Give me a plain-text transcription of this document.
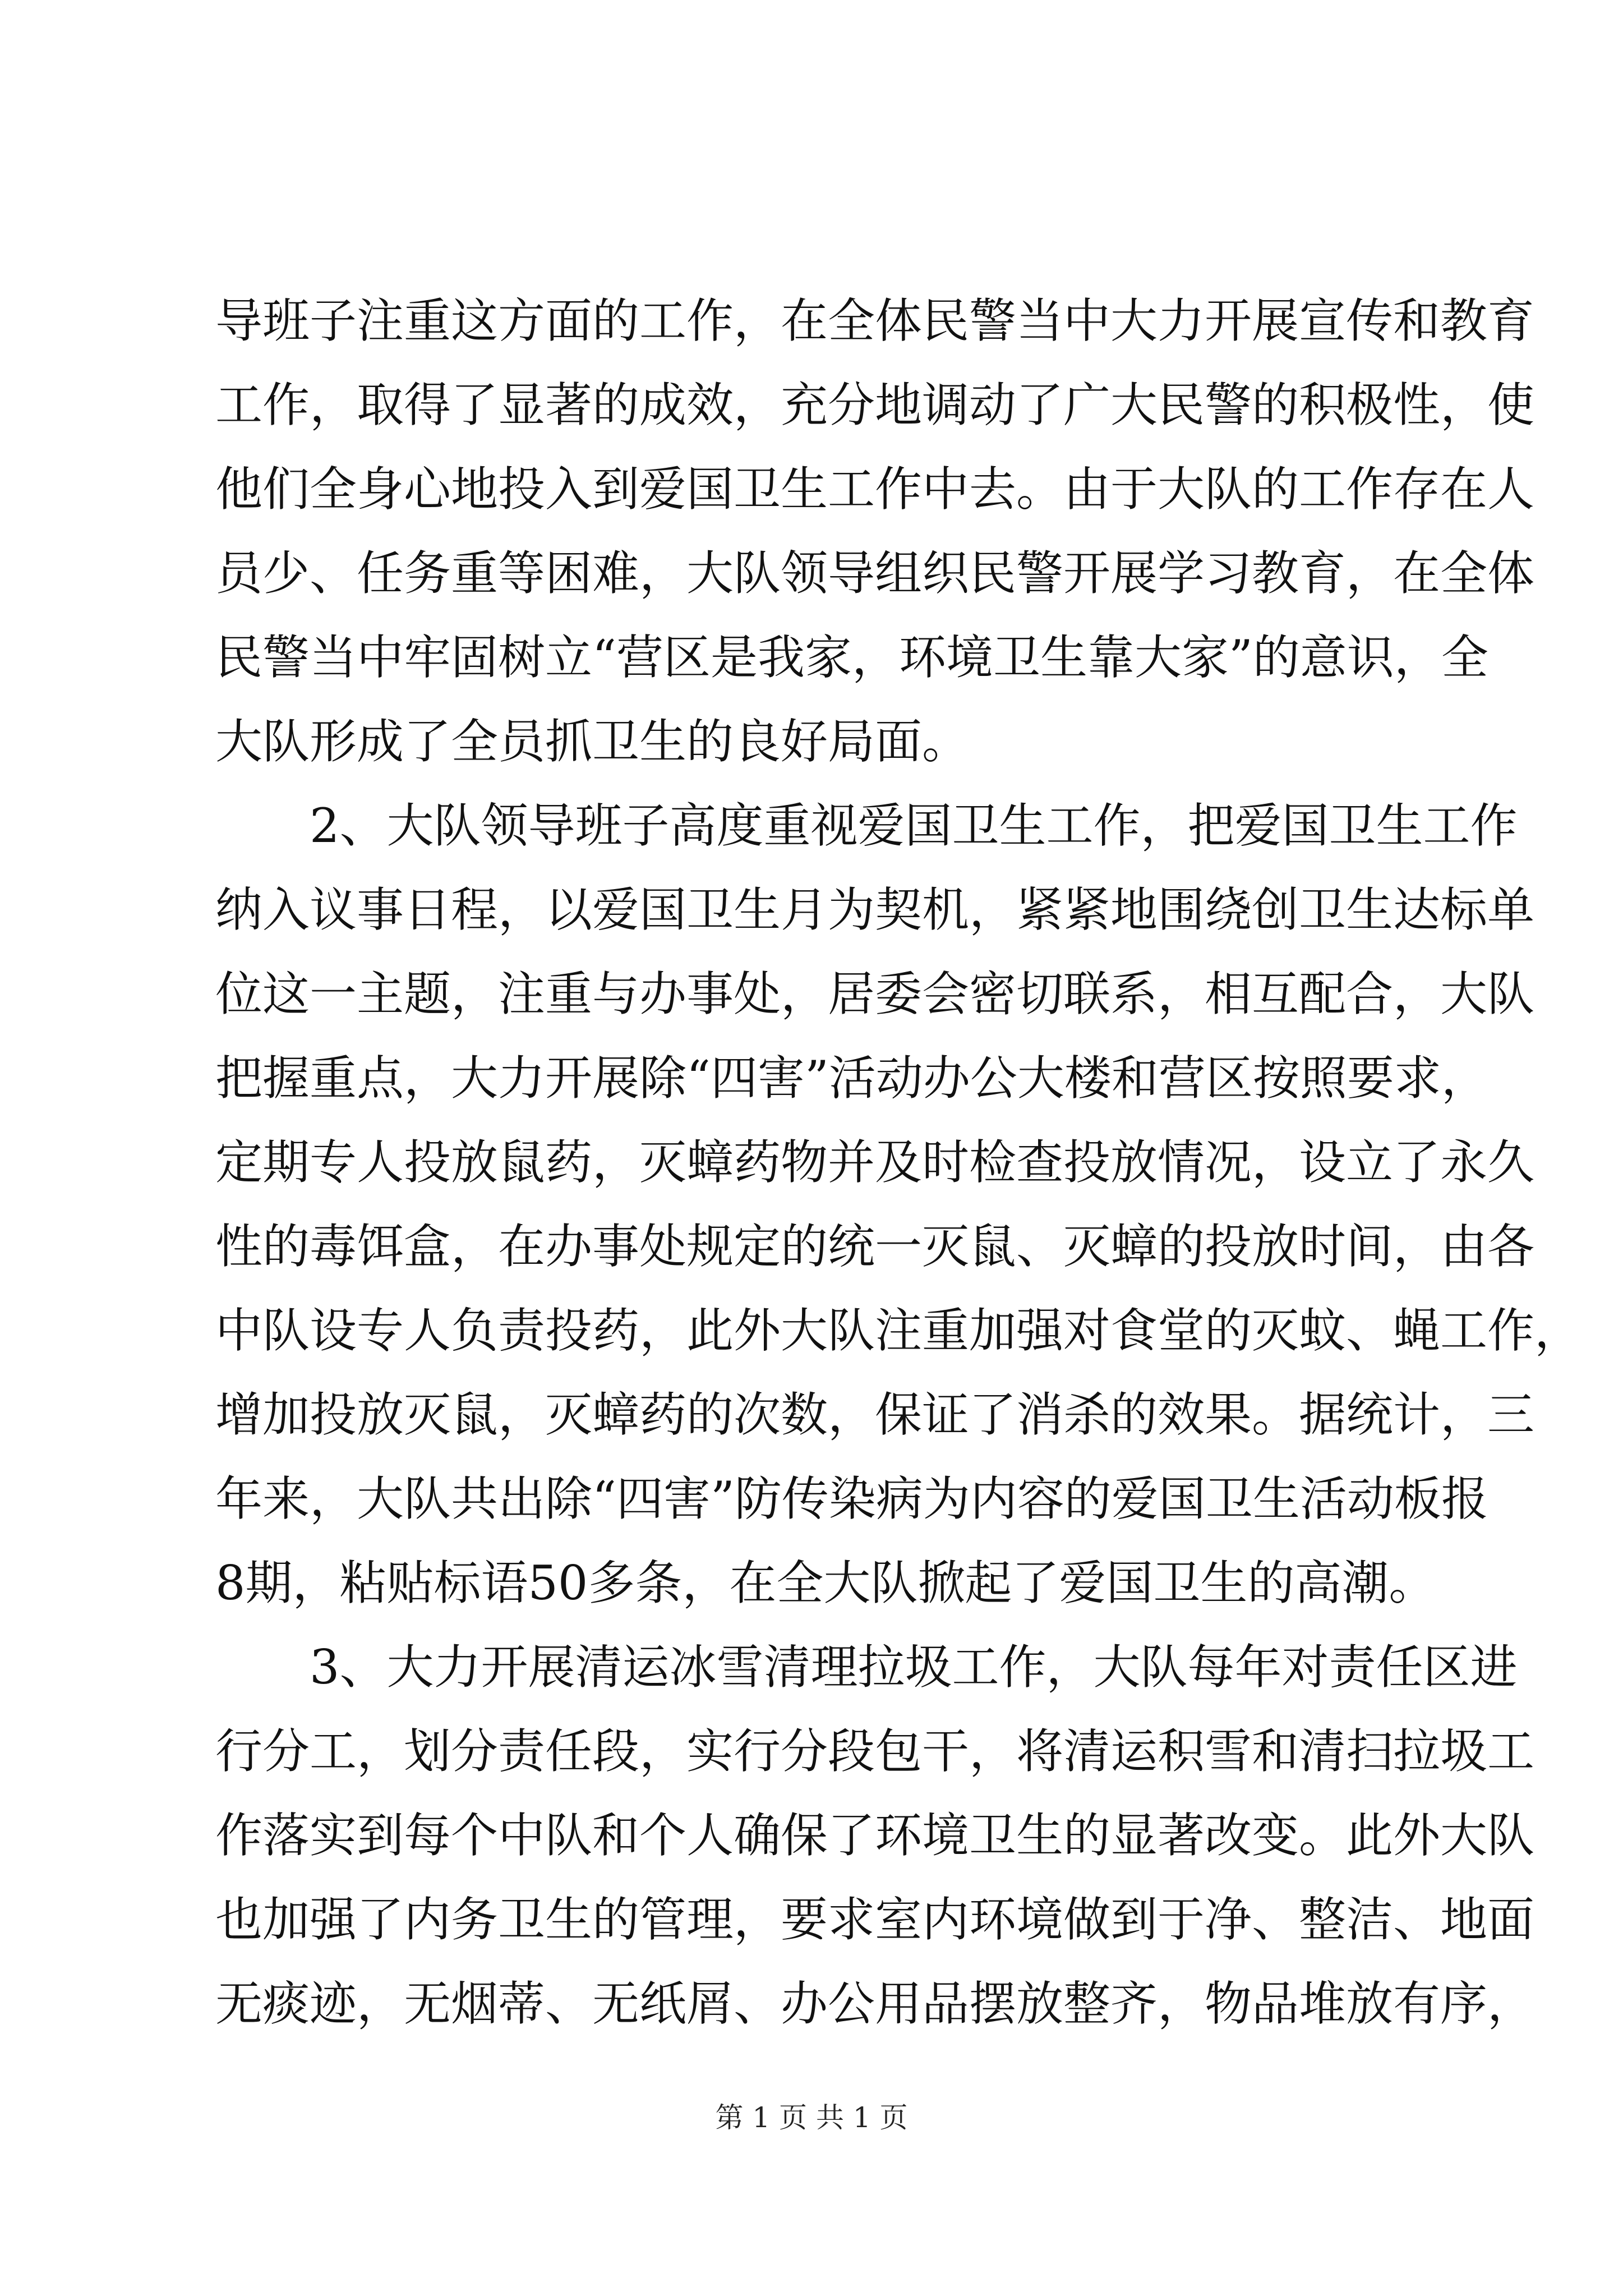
导班子注重这方面的工作，在全体民警当中大力开展宣传和教育
工作，取得了显著的成效，充分地调动了广大民警的积极性，使
他们全身心地投入到爱国卫生工作中去。由于大队的工作存在人
员少、任务重等困难，大队领导组织民警开展学习教育，在全体
民警当中牢固树立“营区是我家，环境卫生靠大家”的意识，全
大队形成了全员抓卫生的良好局面。
2、大队领导班子高度重视爱国卫生工作，把爱国卫生工作
纳入议事日程，以爱国卫生月为契机，紧紧地围绕创卫生达标单
位这一主题，注重与办事处，居委会密切联系，相互配合，大队
把握重点，大力开展除“四害”活动办公大楼和营区按照要求，
定期专人投放鼠药，灭蟑药物并及时检查投放情况，设立了永久
性的毒饵盒，在办事处规定的统一灭鼠、灭蟑的投放时间，由各
中队设专人负责投药，此外大队注重加强对食堂的灭蚊、蝇工作，
增加投放灭鼠，灭蟑药的次数，保证了消杀的效果。据统计，三
年来，大队共出除“四害”防传染病为内容的爱国卫生活动板报
8期，粘贴标语50多条，在全大队掀起了爱国卫生的高潮。
3、大力开展清运冰雪清理拉圾工作，大队每年对责任区进
行分工，划分责任段，实行分段包干，将清运积雪和清扫拉圾工
作落实到每个中队和个人确保了环境卫生的显著改变。此外大队
也加强了内务卫生的管理，要求室内环境做到于净、整洁、地面
无痰迹，无烟蒂、无纸屑、办公用品摆放整齐，物品堆放有序，
第 1 页 共 1 页
